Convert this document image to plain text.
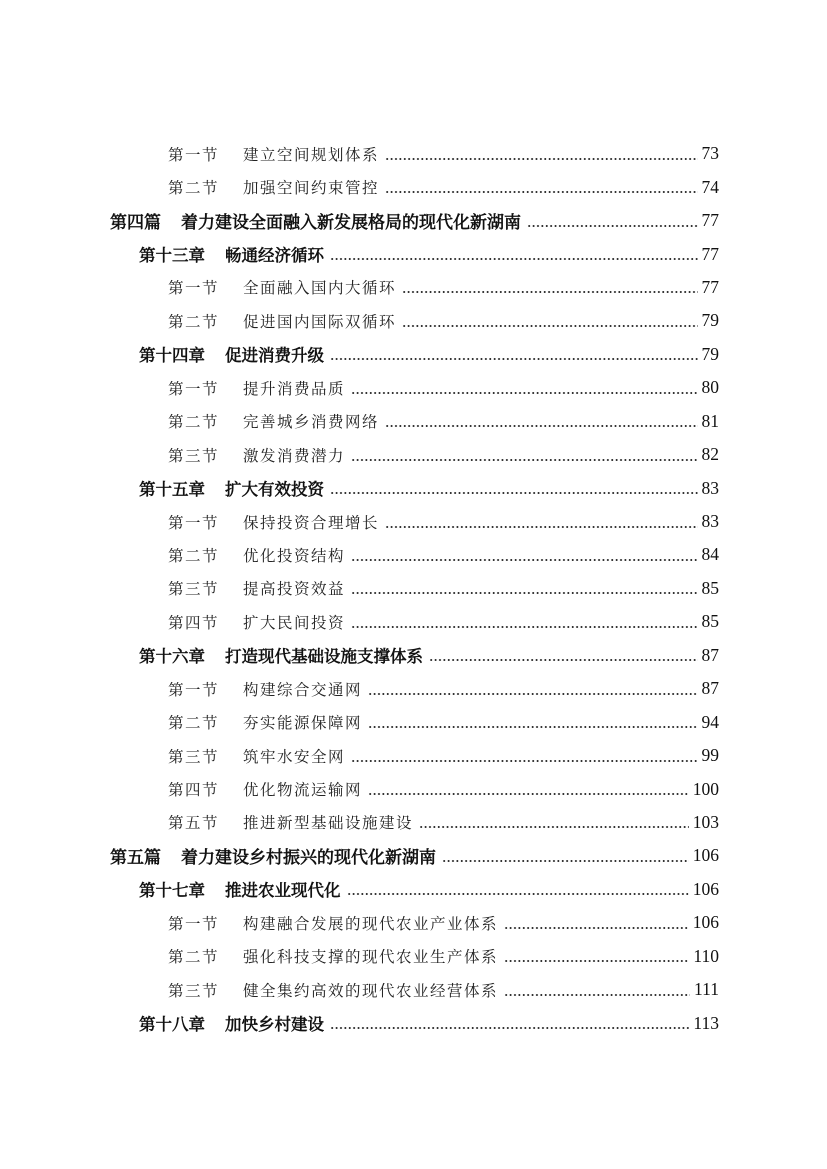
第一节 建立空间规划体系	73
第二节 加强空间约束管控	74
第四篇 着力建设全面融入新发展格局的现代化新湖南	77
第十三章 畅通经济循环	77
第一节 全面融入国内大循环	77
第二节 促进国内国际双循环	79
第十四章 促进消费升级	79
第一节 提升消费品质	80
第二节 完善城乡消费网络	81
第三节 激发消费潜力	82
第十五章 扩大有效投资	83
第一节 保持投资合理增长	83
第二节 优化投资结构	84
第三节 提高投资效益	85
第四节 扩大民间投资	85
第十六章 打造现代基础设施支撑体系	87
第一节 构建综合交通网	87
第二节 夯实能源保障网	94
第三节 筑牢水安全网	99
第四节 优化物流运输网	100
第五节 推进新型基础设施建设	103
第五篇 着力建设乡村振兴的现代化新湖南	106
第十七章 推进农业现代化	106
第一节 构建融合发展的现代农业产业体系	106
第二节 强化科技支撑的现代农业生产体系	110
第三节 健全集约高效的现代农业经营体系	111
第十八章 加快乡村建设	113
